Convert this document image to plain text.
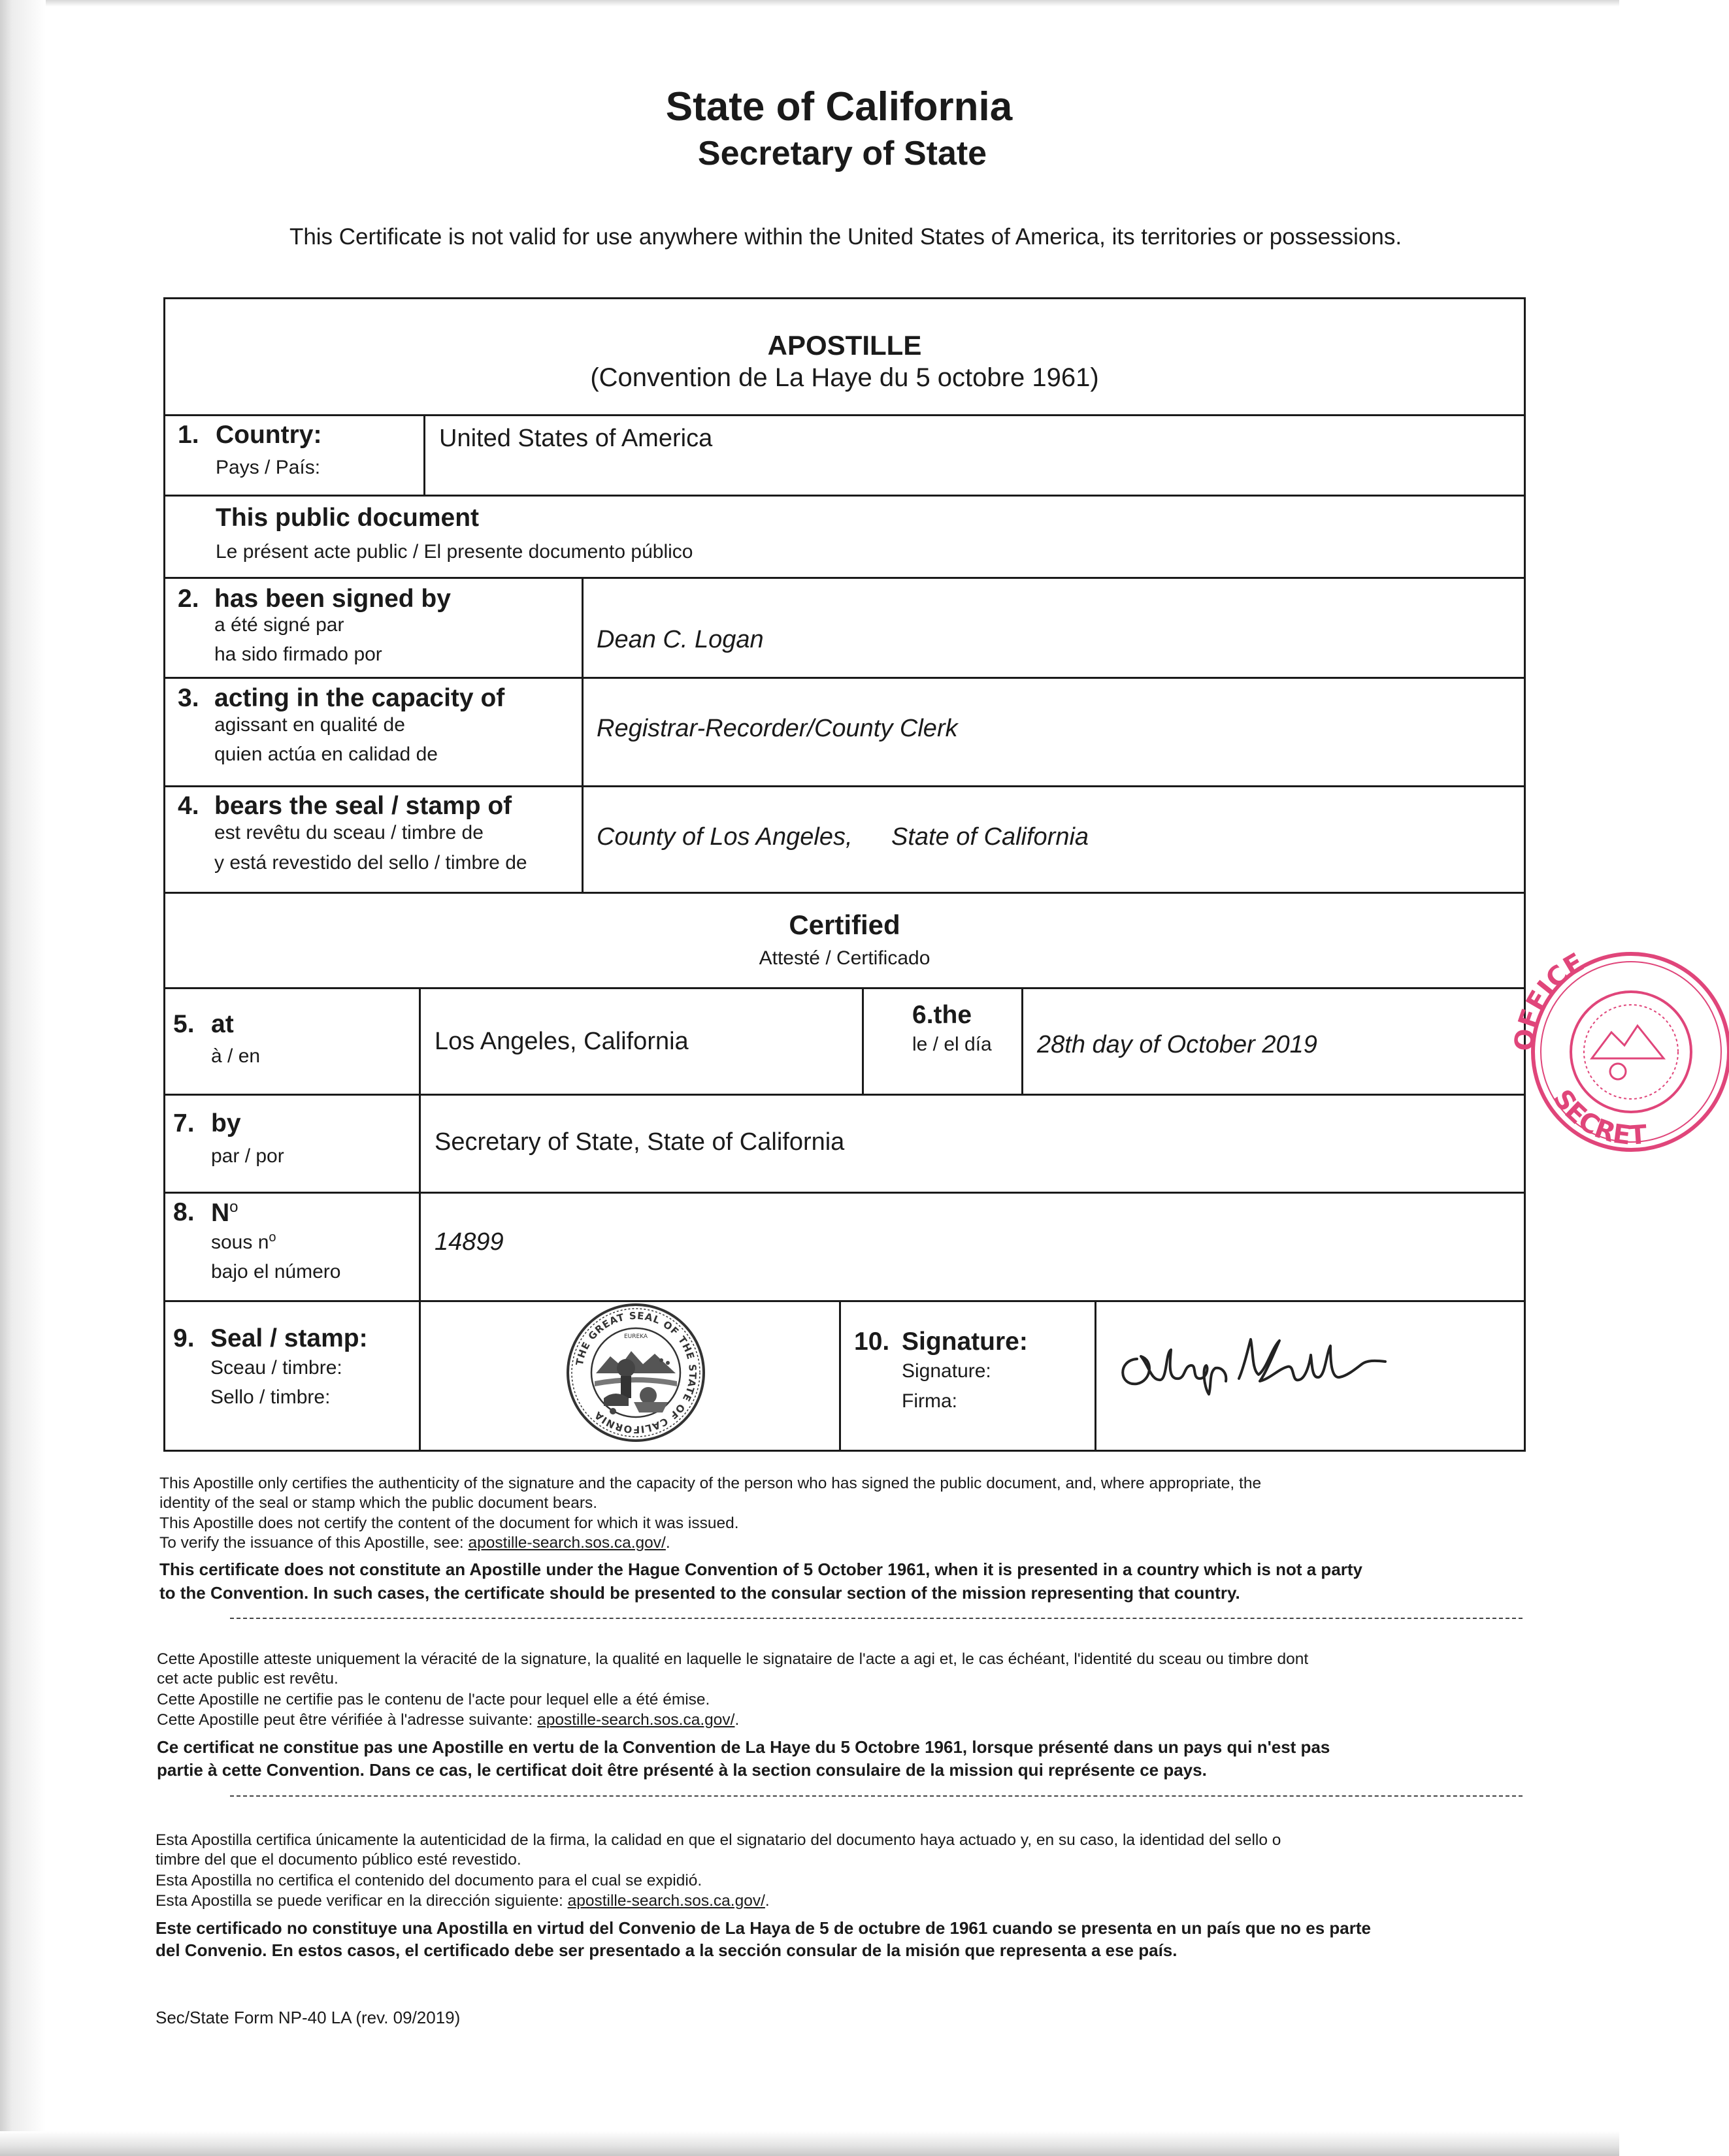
State of California
Secretary of State
This Certificate is not valid for use anywhere within the United States of America, its territories or possessions.
APOSTILLE
(Convention de La Haye du 5 octobre 1961)
1. Country:
Pays / País:
United States of America
This public document
Le présent acte public / El presente documento público
2. has been signed by
a été signé par
ha sido firmado por
Dean C. Logan
3. acting in the capacity of
agissant en qualité de
quien actúa en calidad de
Registrar-Recorder/County Clerk
4. bears the seal / stamp of
est revêtu du sceau / timbre de
y está revestido del sello / timbre de
County of Los Angeles, State of California
Certified
Attesté / Certificado
5. at
à / en
Los Angeles, California
6.the
le / el día 28th day of October 2019
7. by
par / por
Secretary of State, State of California
8. $N^o$
sous $n^o$
bajo el número
14899
9. Seal / stamp:
Sceau / timbre:
Sello / timbre:
THE GREAT SEAL OF THE STATE OF CALIFORNIA
EUREKA	10. Signature:
Signature:
Firma:
FFICE
SECRET
This Apostille only certifies the authenticity of the signature and the capacity of the person who has signed the public document, and, where appropriate, the
identity of the seal or stamp which the public document bears.
This Apostille does not certify the content of the document for which it was issued.
To verify the issuance of this Apostille, see: apostille-search.sos.ca.gov/.
This certificate does not constitute an Apostille under the Hague Convention of 5 October 1961, when it is presented in a country which is not a party
to the Convention. In such cases, the certificate should be presented to the consular section of the mission representing that country.
Cette Apostille atteste uniquement la véracité de la signature, la qualité en laquelle le signataire de l'acte a agi et, le cas échéant, l'identité du sceau ou timbre dont
cet acte public est revêtu.
Cette Apostille ne certifie pas le contenu de l'acte pour lequel elle a été émise.
Cette Apostille peut être vérifiée à l'adresse suivante: apostille-search.sos.ca.gov/.
Ce certificat ne constitue pas une Apostille en vertu de la Convention de La Haye du 5 Octobre 1961, lorsque présenté dans un pays qui n'est pas
partie à cette Convention. Dans ce cas, le certificat doit être présenté à la section consulaire de la mission qui représente ce pays.
Esta Apostilla certifica únicamente la autenticidad de la firma, la calidad en que el signatario del documento haya actuado y, en su caso, la identidad del sello o
timbre del que el documento público esté revestido.
Esta Apostilla no certifica el contenido del documento para el cual se expidió.
Esta Apostilla se puede verificar en la dirección siguiente: apostille-search.sos.ca.gov/.
Este certificado no constituye una Apostilla en virtud del Convenio de La Haya de 5 de octubre de 1961 cuando se presenta en un país que no es parte
del Convenio. En estos casos, el certificado debe ser presentado a la sección consular de la misión que representa a ese país.
Sec/State Form NP-40 LA (rev. 09/2019)
